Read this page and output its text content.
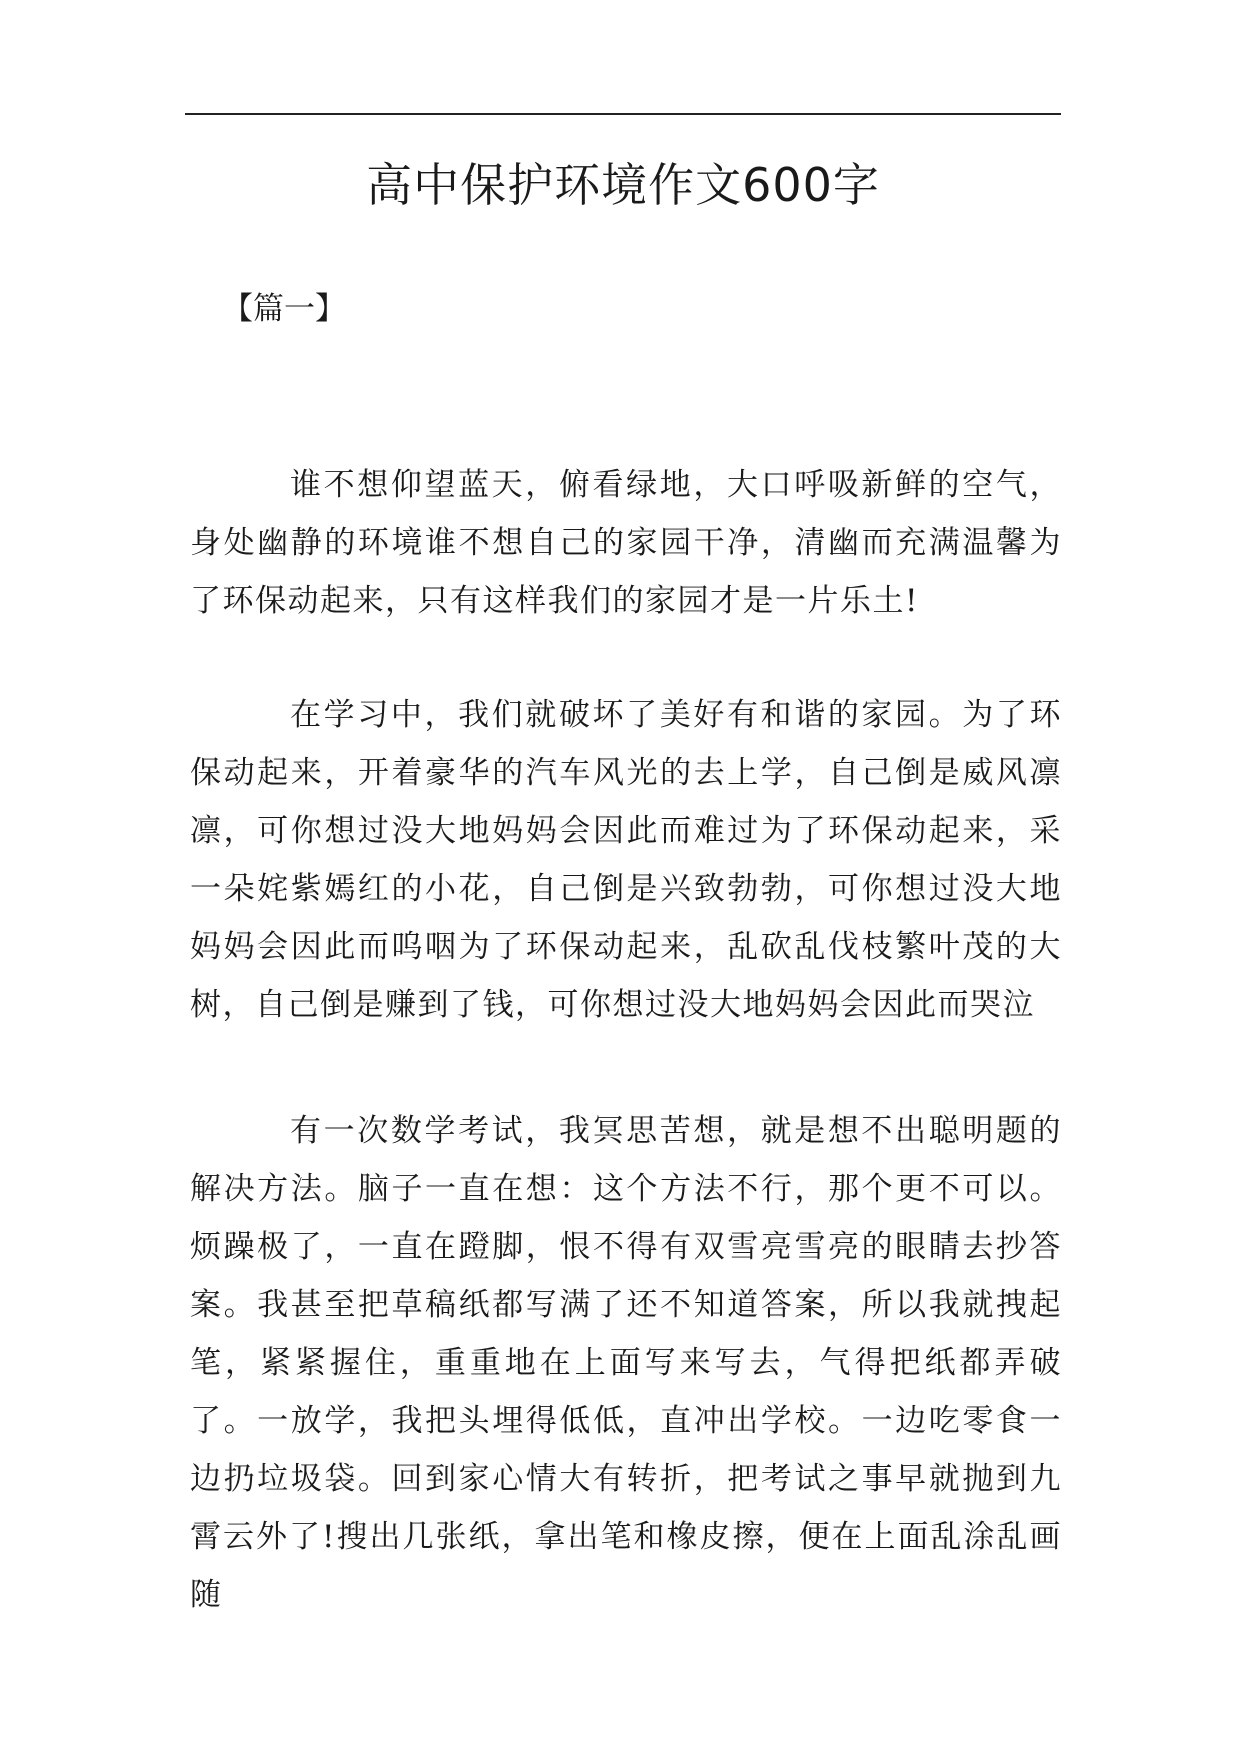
高中保护环境作文600字
【篇一】

谁不想仰望蓝天，俯看绿地，大口呼吸新鲜的空气，身处幽静的环境谁不想自己的家园干净，清幽而充满温馨为了环保动起来，只有这样我们的家园才是一片乐土!

在学习中，我们就破坏了美好有和谐的家园。为了环保动起来，开着豪华的汽车风光的去上学，自己倒是威风凛凛，可你想过没大地妈妈会因此而难过为了环保动起来，采一朵姹紫嫣红的小花，自己倒是兴致勃勃，可你想过没大地妈妈会因此而呜咽为了环保动起来，乱砍乱伐枝繁叶茂的大树，自己倒是赚到了钱，可你想过没大地妈妈会因此而哭泣

有一次数学考试，我冥思苦想，就是想不出聪明题的解决方法。脑子一直在想：这个方法不行，那个更不可以。烦躁极了，一直在蹬脚，恨不得有双雪亮雪亮的眼睛去抄答案。我甚至把草稿纸都写满了还不知道答案，所以我就拽起笔，紧紧握住，重重地在上面写来写去，气得把纸都弄破了。一放学，我把头埋得低低，直冲出学校。一边吃零食一边扔垃圾袋。回到家心情大有转折，把考试之事早就抛到九霄云外了!搜出几张纸，拿出笔和橡皮擦，便在上面乱涂乱画随
